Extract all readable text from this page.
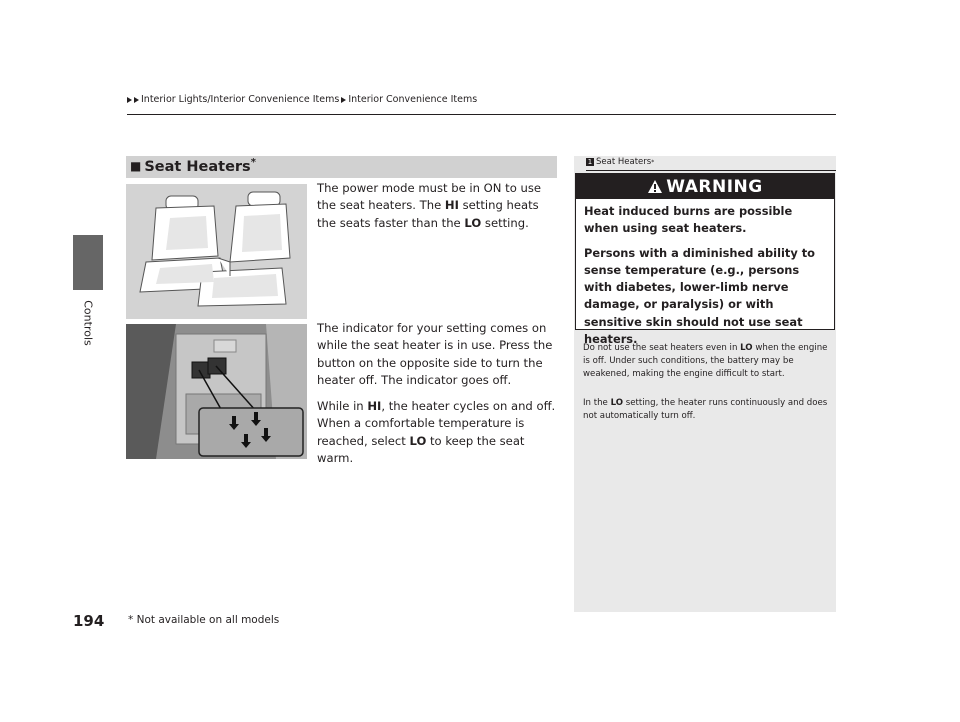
Interior Lights/Interior Convenience Items Interior Convenience Items
Controls
■ Seat Heaters*

The power mode must be in ON to use the seat heaters. The HI setting heats the seats faster than the LO setting.

The indicator for your setting comes on while the seat heater is in use. Press the button on the opposite side to turn the heater off. The indicator goes off.

While in HI, the heater cycles on and off. When a comfortable temperature is reached, select LO to keep the seat warm.

1 Seat Heaters *
WARNING

Heat induced burns are possible when using seat heaters.

Persons with a diminished ability to sense temperature (e.g., persons with diabetes, lower-limb nerve damage, or paralysis) or with sensitive skin should not use seat heaters.

Do not use the seat heaters even in LO when the engine is off. Under such conditions, the battery may be weakened, making the engine difficult to start.

In the LO setting, the heater runs continuously and does not automatically turn off.

194 * Not available on all models
